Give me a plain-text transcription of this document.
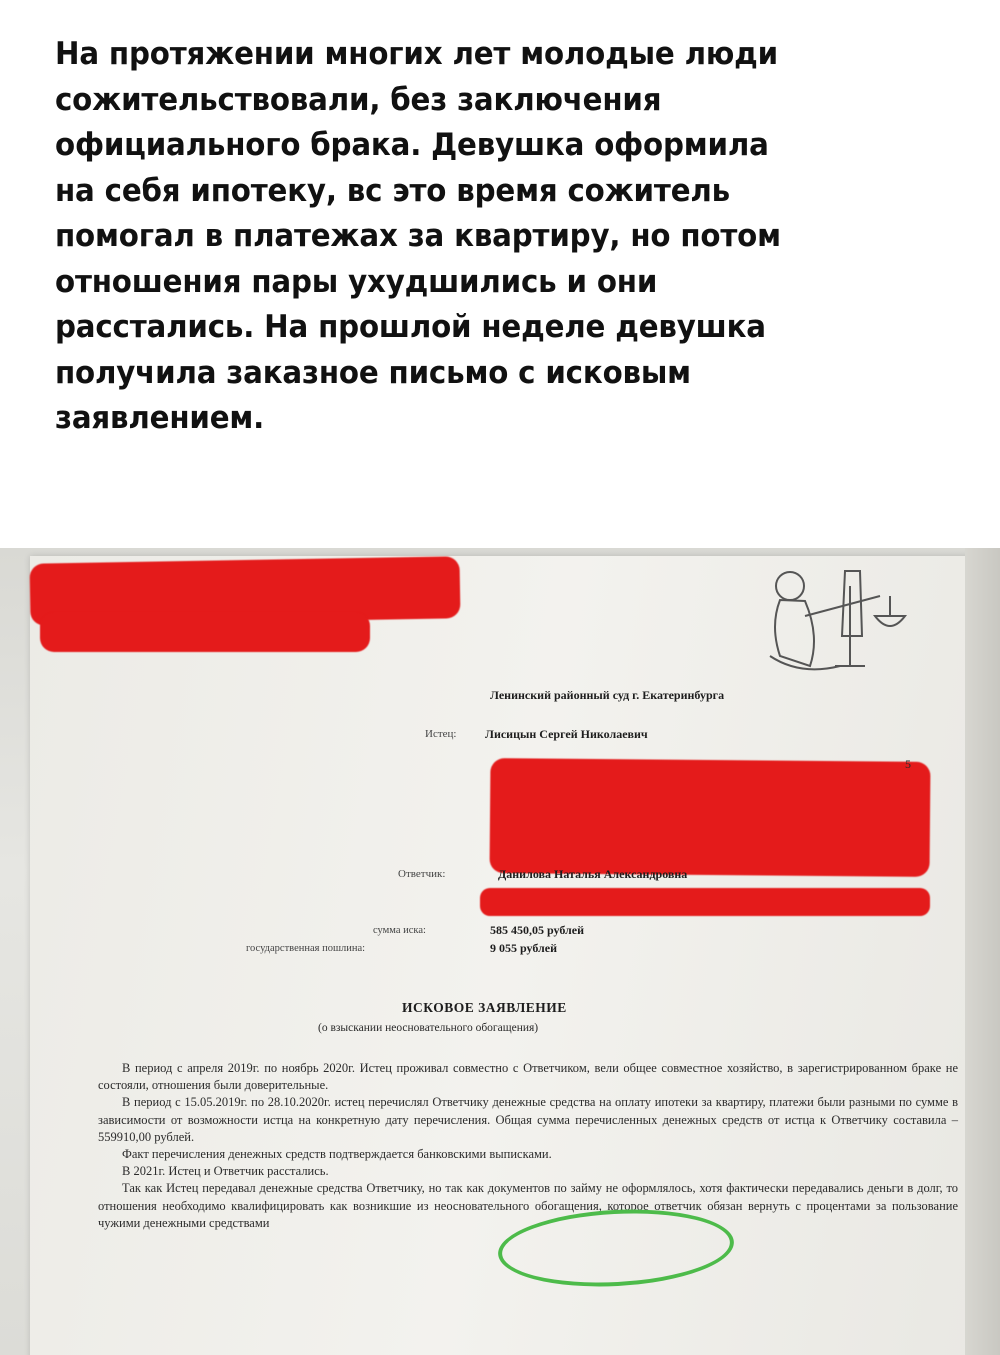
На протяжении многих лет молодые люди
сожительствовали, без заключения
официального брака. Девушка оформила
на себя ипотеку, вс это время сожитель
помогал в платежах за квартиру, но потом
отношения пары ухудшились и они
расстались. На прошлой неделе девушка
получила заказное письмо с исковым
заявлением.
Ленинский районный суд г. Екатеринбурга
Истец: Лисицын Сергей Николаевич
5
Ответчик:	Данилова Наталья Александровна
сумма иска:	585 450,05 рублей
государственная пошлина:	9 055 рублей
ИСКОВОЕ ЗАЯВЛЕНИЕ
(о взыскании неосновательного обогащения)

В период с апреля 2019г. по ноябрь 2020г. Истец проживал совместно с Ответчиком, вели общее совместное хозяйство, в зарегистрированном браке не состояли, отношения были доверительные.

В период с 15.05.2019г. по 28.10.2020г. истец перечислял Ответчику денежные средства на оплату ипотеки за квартиру, платежи были разными по сумме в зависимости от возможности истца на конкретную дату перечисления. Общая сумма перечисленных денежных средств от истца к Ответчику составила – 559910,00 рублей.

Факт перечисления денежных средств подтверждается банковскими выписками.

В 2021г. Истец и Ответчик расстались.

Так как Истец передавал денежные средства Ответчику, но так как документов по займу не оформлялось, хотя фактически передавались деньги в долг, то отношения необходимо квалифицировать как возникшие из неосновательного обогащения, которое ответчик обязан вернуть с процентами за пользование чужими денежными средствами
